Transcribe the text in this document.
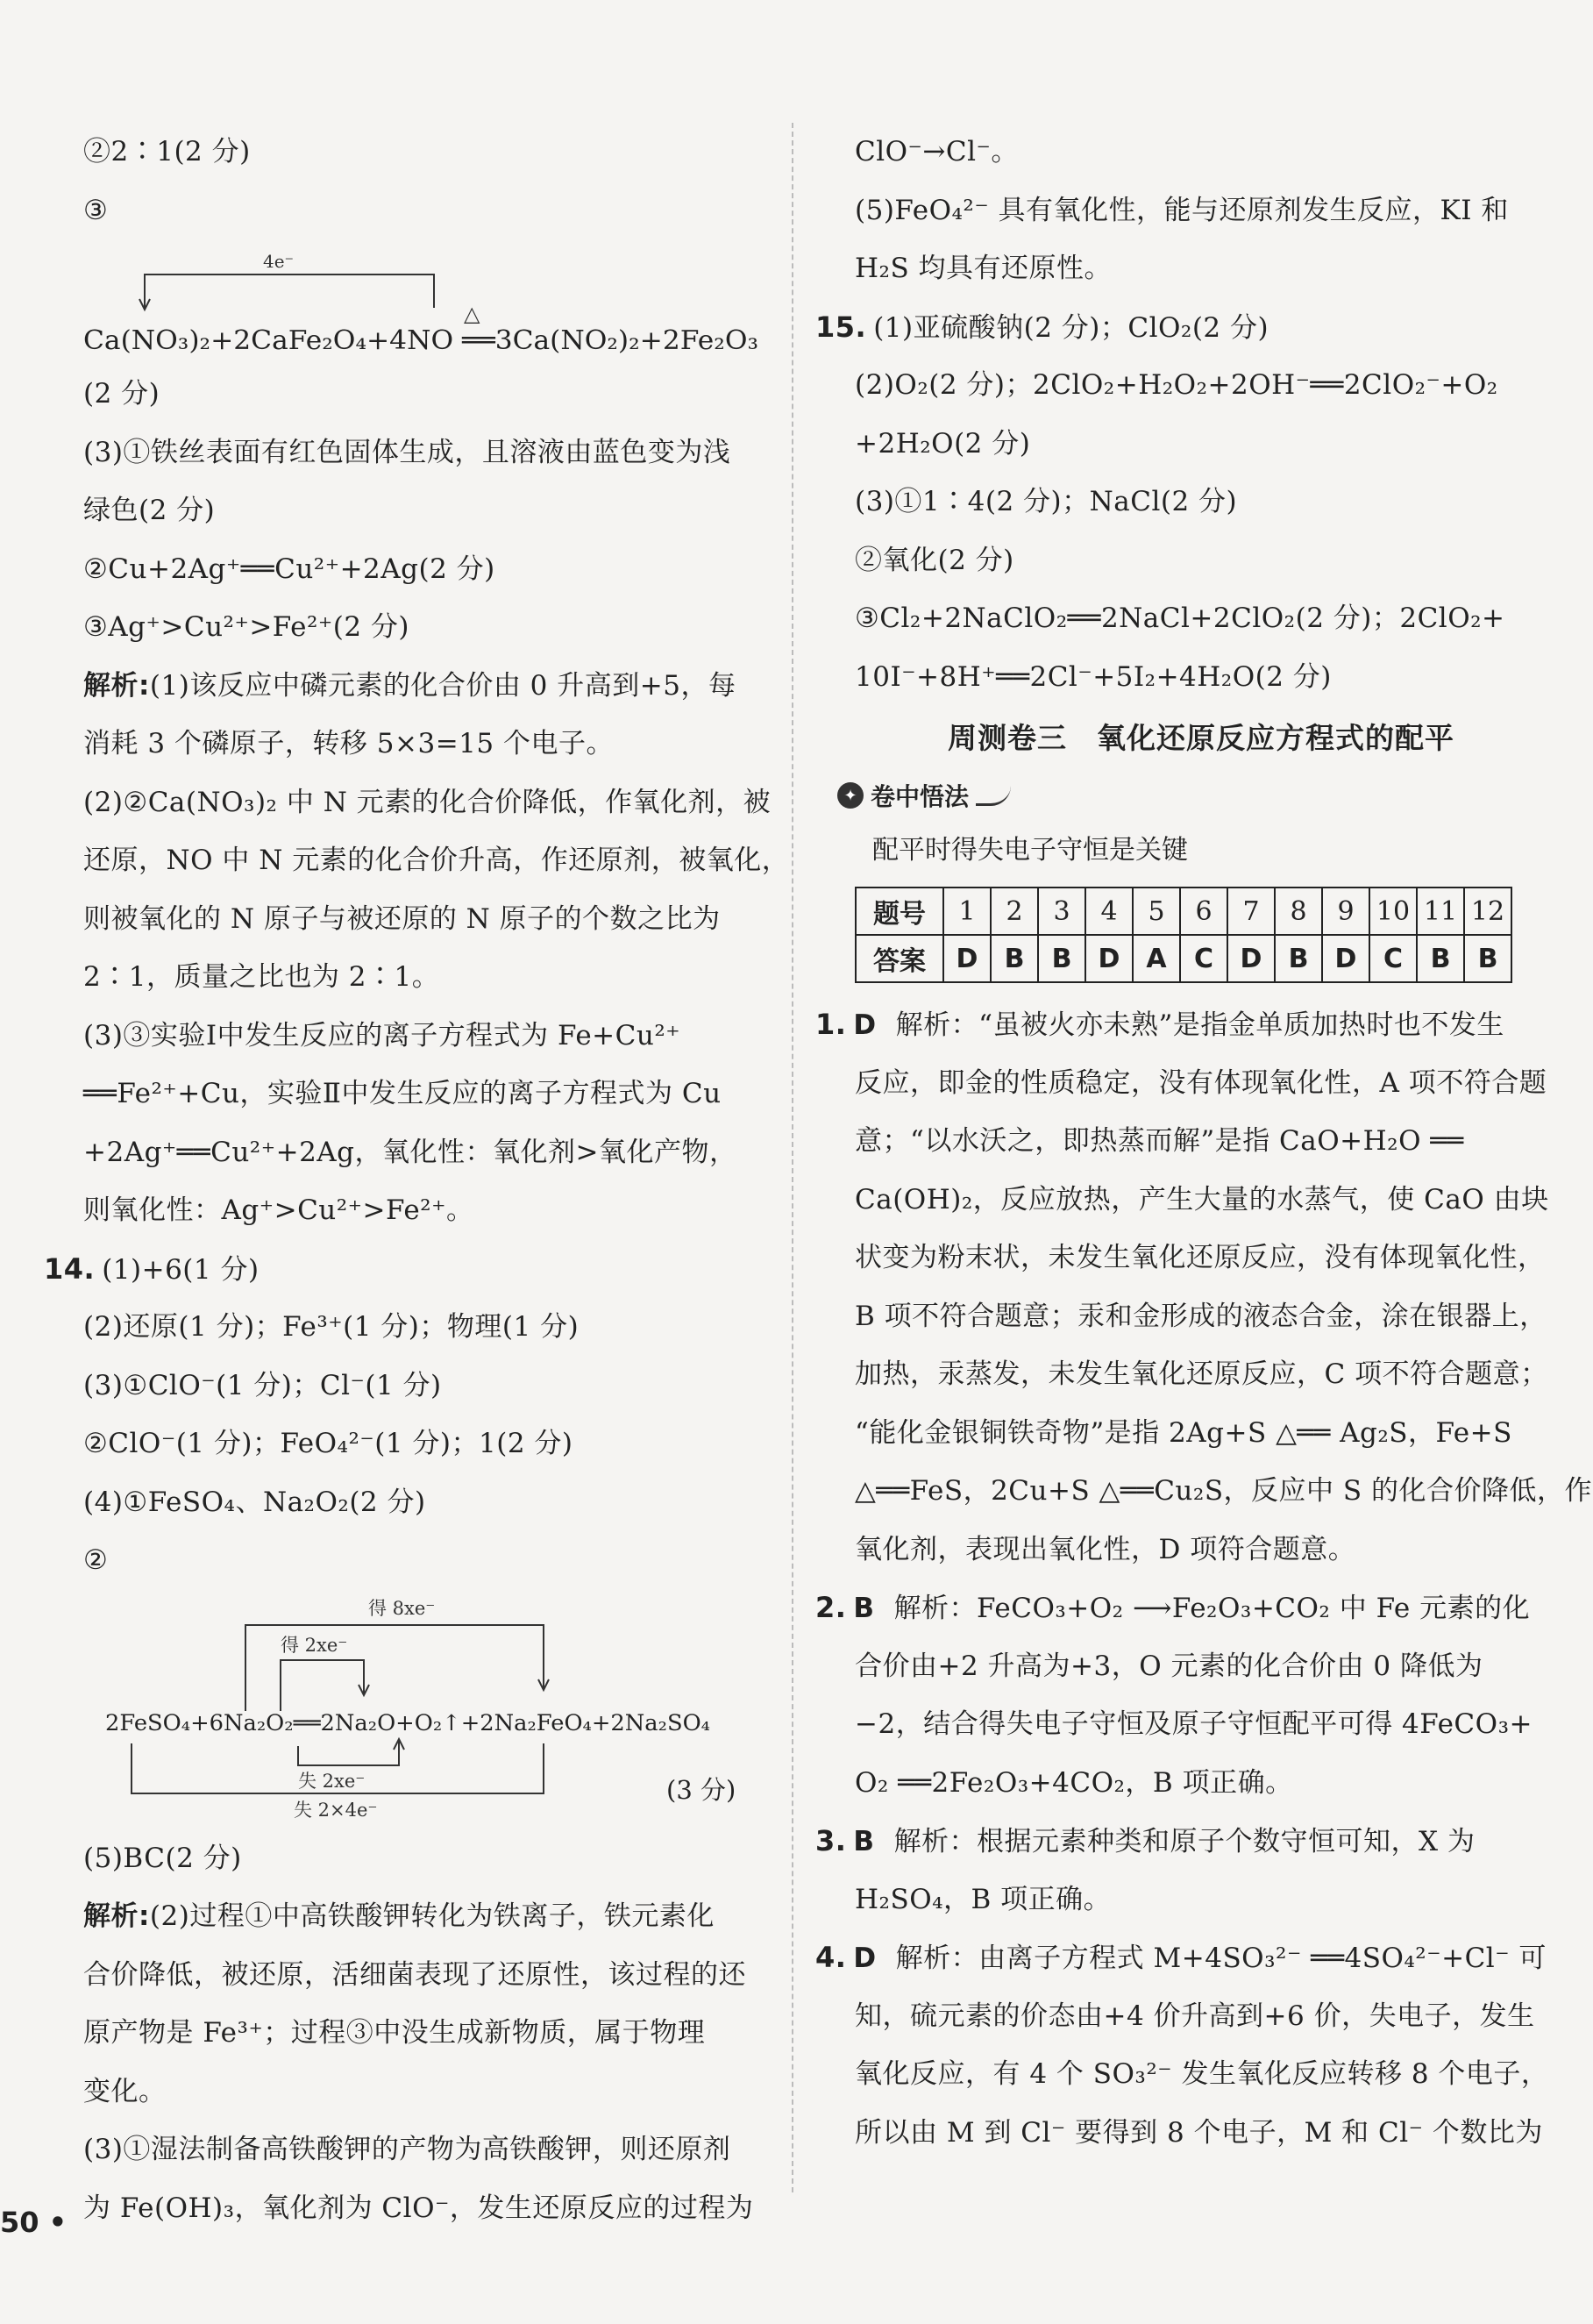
②2∶1(2 分)
③
4e⁻
△
Ca(NO₃)₂+2CaFe₂O₄+4NO ══3Ca(NO₂)₂+2Fe₂O₃
(2 分)
(3)①铁丝表面有红色固体生成，且溶液由蓝色变为浅
绿色(2 分)
②Cu+2Ag⁺══Cu²⁺+2Ag(2 分)
③Ag⁺>Cu²⁺>Fe²⁺(2 分)
解析:(1)该反应中磷元素的化合价由 0 升高到+5，每
消耗 3 个磷原子，转移 5×3=15 个电子。
(2)②Ca(NO₃)₂ 中 N 元素的化合价降低，作氧化剂，被
还原，NO 中 N 元素的化合价升高，作还原剂，被氧化，
则被氧化的 N 原子与被还原的 N 原子的个数之比为
2∶1，质量之比也为 2∶1。
(3)③实验Ⅰ中发生反应的离子方程式为 Fe+Cu²⁺
══Fe²⁺+Cu，实验Ⅱ中发生反应的离子方程式为 Cu
+2Ag⁺══Cu²⁺+2Ag，氧化性：氧化剂>氧化产物，
则氧化性：Ag⁺>Cu²⁺>Fe²⁺。
14. (1)+6(1 分)
(2)还原(1 分)；Fe³⁺(1 分)；物理(1 分)
(3)①ClO⁻(1 分)；Cl⁻(1 分)
②ClO⁻(1 分)；FeO₄²⁻(1 分)；1(2 分)
(4)①FeSO₄、Na₂O₂(2 分)
②
得 8xe⁻
得 2xe⁻
失 2xe⁻
失 2×4e⁻
2FeSO₄+6Na₂O₂══2Na₂O+O₂↑+2Na₂FeO₄+2Na₂SO₄
(3 分)
(5)BC(2 分)
解析:(2)过程①中高铁酸钾转化为铁离子，铁元素化
合价降低，被还原，活细菌表现了还原性，该过程的还
原产物是 Fe³⁺；过程③中没生成新物质，属于物理
变化。
(3)①湿法制备高铁酸钾的产物为高铁酸钾，则还原剂
为 Fe(OH)₃，氧化剂为 ClO⁻，发生还原反应的过程为
ClO⁻→Cl⁻。
(5)FeO₄²⁻ 具有氧化性，能与还原剂发生反应，KI 和
H₂S 均具有还原性。
15. (1)亚硫酸钠(2 分)；ClO₂(2 分)
(2)O₂(2 分)；2ClO₂+H₂O₂+2OH⁻══2ClO₂⁻+O₂
+2H₂O(2 分)
(3)①1∶4(2 分)；NaCl(2 分)
②氧化(2 分)
③Cl₂+2NaClO₂══2NaCl+2ClO₂(2 分)；2ClO₂+
10I⁻+8H⁺══2Cl⁻+5I₂+4H₂O(2 分)
周测卷三　氧化还原反应方程式的配平
✦ 卷中悟法
配平时得失电子守恒是关键
题号	1	2	3	4	5	6	7	8	9	10	11	12
答案	D	B	B	D	A	C	D	B	D	C	B	B
1. D 解析：“虽被火亦未熟”是指金单质加热时也不发生
反应，即金的性质稳定，没有体现氧化性，A 项不符合题
意；“以水沃之，即热蒸而解”是指 CaO+H₂O ══
Ca(OH)₂，反应放热，产生大量的水蒸气，使 CaO 由块
状变为粉末状，未发生氧化还原反应，没有体现氧化性，
B 项不符合题意；汞和金形成的液态合金，涂在银器上，
加热，汞蒸发，未发生氧化还原反应，C 项不符合题意；
“能化金银铜铁奇物”是指 2Ag+S △══ Ag₂S，Fe+S
△══FeS，2Cu+S △══Cu₂S，反应中 S 的化合价降低，作
氧化剂，表现出氧化性，D 项符合题意。
2. B 解析：FeCO₃+O₂ ⟶Fe₂O₃+CO₂ 中 Fe 元素的化
合价由+2 升高为+3，O 元素的化合价由 0 降低为
−2，结合得失电子守恒及原子守恒配平可得 4FeCO₃+
O₂ ══2Fe₂O₃+4CO₂，B 项正确。
3. B 解析：根据元素种类和原子个数守恒可知，X 为
H₂SO₄，B 项正确。
4. D 解析：由离子方程式 M+4SO₃²⁻ ══4SO₄²⁻+Cl⁻ 可
知，硫元素的价态由+4 价升高到+6 价，失电子，发生
氧化反应，有 4 个 SO₃²⁻ 发生氧化反应转移 8 个电子，
所以由 M 到 Cl⁻ 要得到 8 个电子，M 和 Cl⁻ 个数比为
50 •
